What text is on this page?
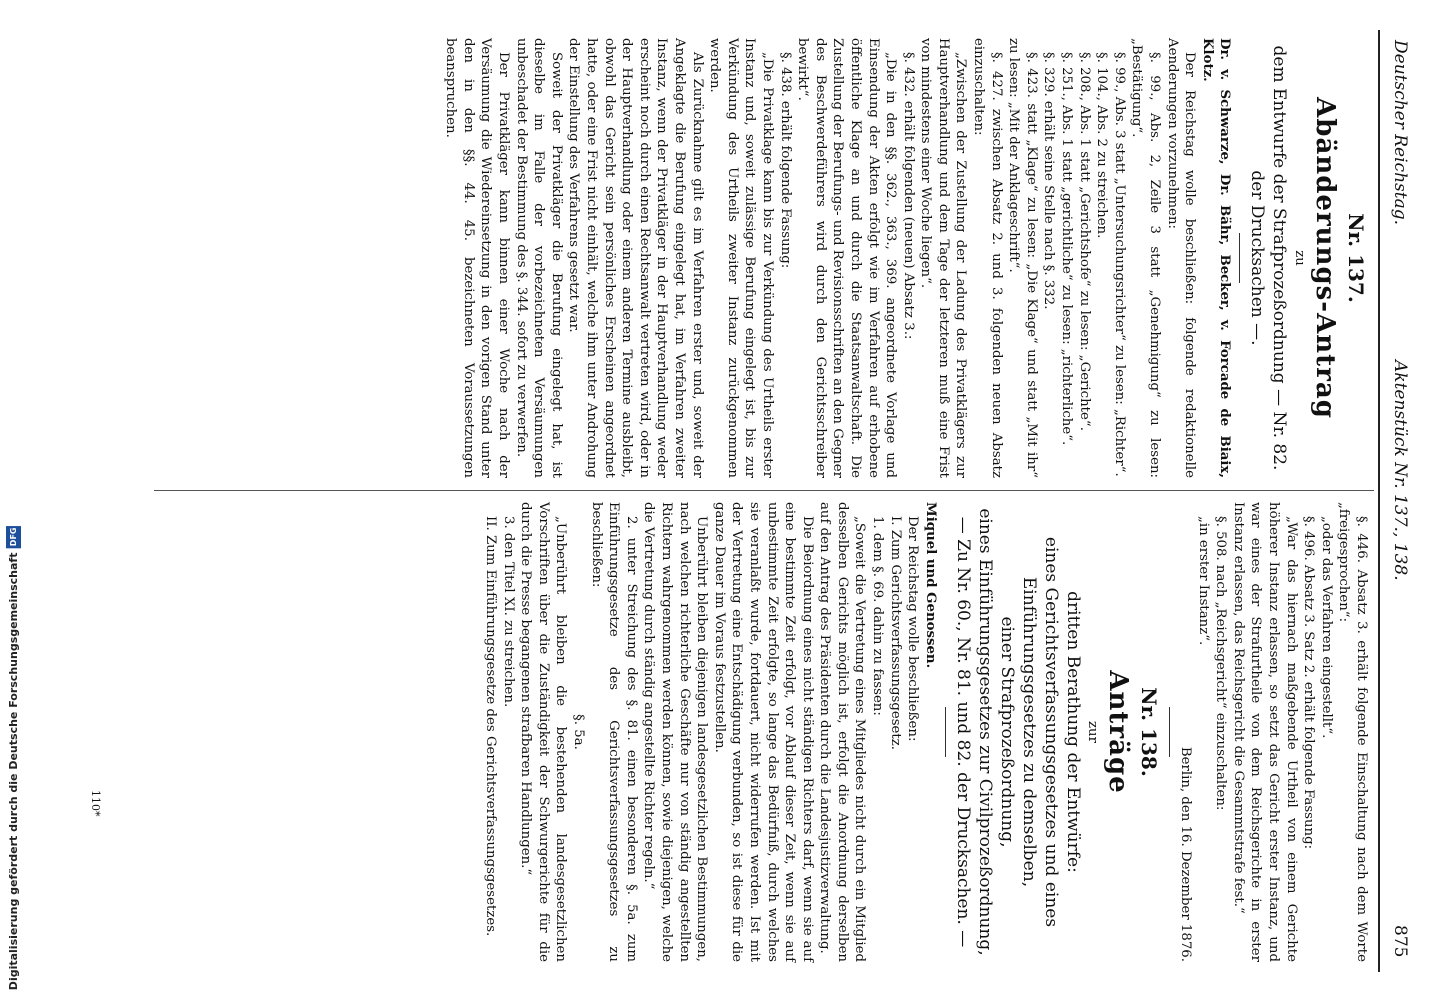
Deutscher Reichstag.
Aktenstück Nr. 137., 138.
875

Nr. 137.

Abänderungs-Antrag

zu

dem Entwurfe der Strafprozeßordnung — Nr. 82. der Drucksachen —.

Dr. v. Schwarze, Dr. Bähr, Becker, v. Forcade de Biaix, Klotz.

Der Reichstag wolle beschließen: folgende redaktionelle Aenderungen vorzunehmen:

§. 99., Abs. 2, Zeile 3 statt „Genehmigung“ zu lesen: „Bestätigung“.

§. 99., Abs. 3 statt „Untersuchungsrichter“ zu lesen: „Richter“.

§. 104., Abs. 2 zu streichen.

§. 208., Abs. 1 statt „Gerichtshofe“ zu lesen: „Gerichte“.

§. 251., Abs. 1 statt „gerichtliche“ zu lesen: „richterliche“.

§. 329. erhält seine Stelle nach §. 332.

§. 423. statt „Klage“ zu lesen: „Die Klage“ und statt „Mit ihr“ zu lesen: „Mit der Anklageschrift“.

§. 427. zwischen Absatz 2. und 3. folgenden neuen Absatz einzuschalten:

„Zwischen der Zustellung der Ladung des Privatklägers zur Hauptverhandlung und dem Tage der letzteren muß eine Frist von mindestens einer Woche liegen“.

§. 432. erhält folgenden (neuen) Absatz 3.:

„Die in den §§. 362., 363., 369. angeordnete Vorlage und Einsendung der Akten erfolgt wie im Verfahren auf erhobene öffentliche Klage an und durch die Staatsanwaltschaft. Die Zustellung der Berufungs- und Revisionsschriften an den Gegner des Beschwerdeführers wird durch den Gerichtsschreiber bewirkt“.

§. 438. erhält folgende Fassung:

„Die Privatklage kann bis zur Verkündung des Urtheils erster Instanz und, soweit zulässige Berufung eingelegt ist, bis zur Verkündung des Urtheils zweiter Instanz zurückgenommen werden.

Als Zurücknahme gilt es im Verfahren erster und, soweit der Angeklagte die Berufung eingelegt hat, im Verfahren zweiter Instanz, wenn der Privatkläger in der Hauptverhandlung weder erscheint noch durch einen Rechtsanwalt vertreten wird, oder in der Hauptverhandlung oder einem anderen Termine ausbleibt, obwohl das Gericht sein persönliches Erscheinen angeordnet hatte, oder eine Frist nicht einhält, welche ihm unter Androhung der Einstellung des Verfahrens gesetzt war.

Soweit der Privatkläger die Berufung eingelegt hat, ist dieselbe im Falle der vorbezeichneten Versäumungen unbeschadet der Bestimmung des §. 344. sofort zu verwerfen.

Der Privatkläger kann binnen einer Woche nach der Versäumung die Wiedereinsetzung in den vorigen Stand unter den in den §§. 44. 45. bezeichneten Voraussetzungen beanspruchen.

§. 446. Absatz 3. erhält folgende Einschaltung nach dem Worte „freigesprochen“:

„oder das Verfahren eingestellt“.

§. 496. Absatz 3. Satz 2. erhält folgende Fassung:

„War das hiernach maßgebende Urtheil von einem Gerichte höherer Instanz erlassen, so setzt das Gericht erster Instanz, und war eines der Strafurtheile von dem Reichsgerichte in erster Instanz erlassen, das Reichsgericht die Gesammtstrafe fest.“

§. 508. nach „Reichsgericht“ einzuschalten:

„in erster Instanz“.

Berlin, den 16. Dezember 1876.

Nr. 138.

Anträge

zur

dritten Berathung der Entwürfe:

eines Gerichtsverfassungsgesetzes und eines Einführungsgesetzes zu demselben,

einer Strafprozeßordnung,

eines Einführungsgesetzes zur Civilprozeßordnung,

— Zu Nr. 60., Nr. 81. und 82. der Drucksachen. —

Miquel und Genossen.

Der Reichstag wolle beschließen:

I. Zum Gerichtsverfassungsgesetz.

1. dem §. 69. dahin zu fassen:

„Soweit die Vertretung eines Mitgliedes nicht durch ein Mitglied desselben Gerichts möglich ist, erfolgt die Anordnung derselben auf den Antrag des Präsidenten durch die Landesjustizverwaltung.

Die Beiordnung eines nicht ständigen Richters darf, wenn sie auf eine bestimmte Zeit erfolgt, vor Ablauf dieser Zeit, wenn sie auf unbestimmte Zeit erfolgte, so lange das Bedürfniß, durch welches sie veranlaßt wurde, fortdauert, nicht widerrufen werden. Ist mit der Vertretung eine Entschädigung verbunden, so ist diese für die ganze Dauer im Voraus festzustellen.

Unberührt bleiben diejenigen landesgesetzlichen Bestimmungen, nach welchen richterliche Geschäfte nur von ständig angestellten Richtern wahrgenommen werden können, sowie diejenigen, welche die Vertretung durch ständig angestellte Richter regeln.“

2. unter Streichung des §. 81. einen besonderen §. 5a. zum Einführungsgesetze des Gerichtsverfassungsgesetzes zu beschließen:

§. 5a.

„Unberührt bleiben die bestehenden landesgesetzlichen Vorschriften über die Zuständigkeit der Schwurgerichte für die durch die Presse begangenen strafbaren Handlungen.“

3. den Titel XI. zu streichen.

II. Zum Einführungsgesetze des Gerichtsverfassungsgesetzes.

110*
Digitalisierung gefördert durch die Deutsche Forschungsgemeinschaft DFG
